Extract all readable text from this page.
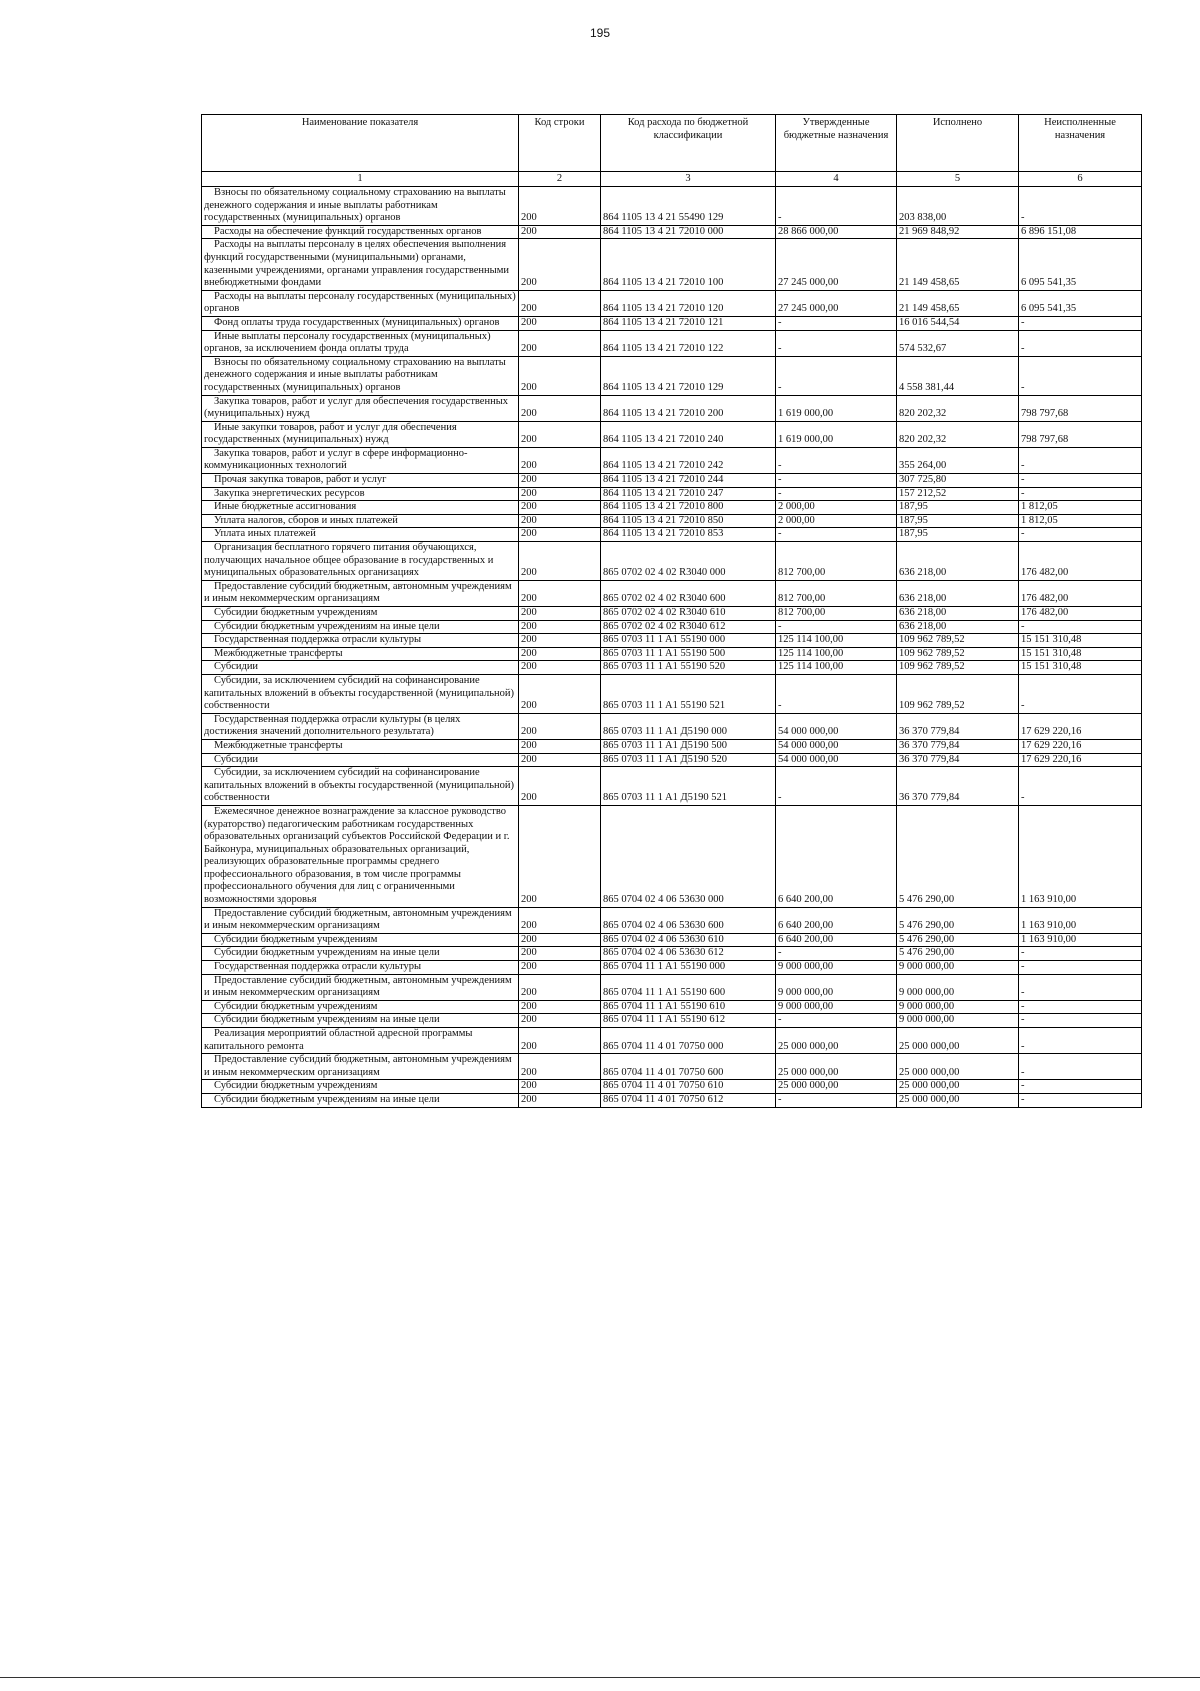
195
Наименование показателя	Код строки	Код расхода по бюджетной классификации	Утвержденные бюджетные назначения	Исполнено	Неисполненные назначения
1	2	3	4	5	6
Взносы по обязательному социальному страхованию на выплаты денежного содержания и иные выплаты работникам государственных (муниципальных) органов	200	864 1105 13 4 21 55490 129	-	203 838,00	-
Расходы на обеспечение функций государственных органов	200	864 1105 13 4 21 72010 000	28 866 000,00	21 969 848,92	6 896 151,08
Расходы на выплаты персоналу в целях обеспечения выполнения функций государственными (муниципальными) органами, казенными учреждениями, органами управления государственными внебюджетными фондами	200	864 1105 13 4 21 72010 100	27 245 000,00	21 149 458,65	6 095 541,35
Расходы на выплаты персоналу государственных (муниципальных) органов	200	864 1105 13 4 21 72010 120	27 245 000,00	21 149 458,65	6 095 541,35
Фонд оплаты труда государственных (муниципальных) органов	200	864 1105 13 4 21 72010 121	-	16 016 544,54	-
Иные выплаты персоналу государственных (муниципальных) органов, за исключением фонда оплаты труда	200	864 1105 13 4 21 72010 122	-	574 532,67	-
Взносы по обязательному социальному страхованию на выплаты денежного содержания и иные выплаты работникам государственных (муниципальных) органов	200	864 1105 13 4 21 72010 129	-	4 558 381,44	-
Закупка товаров, работ и услуг для обеспечения государственных (муниципальных) нужд	200	864 1105 13 4 21 72010 200	1 619 000,00	820 202,32	798 797,68
Иные закупки товаров, работ и услуг для обеспечения государственных (муниципальных) нужд	200	864 1105 13 4 21 72010 240	1 619 000,00	820 202,32	798 797,68
Закупка товаров, работ и услуг в сфере информационно-коммуникационных технологий	200	864 1105 13 4 21 72010 242	-	355 264,00	-
Прочая закупка товаров, работ и услуг	200	864 1105 13 4 21 72010 244	-	307 725,80	-
Закупка энергетических ресурсов	200	864 1105 13 4 21 72010 247	-	157 212,52	-
Иные бюджетные ассигнования	200	864 1105 13 4 21 72010 800	2 000,00	187,95	1 812,05
Уплата налогов, сборов и иных платежей	200	864 1105 13 4 21 72010 850	2 000,00	187,95	1 812,05
Уплата иных платежей	200	864 1105 13 4 21 72010 853	-	187,95	-
Организация бесплатного горячего питания обучающихся, получающих начальное общее образование в государственных и муниципальных образовательных организациях	200	865 0702 02 4 02 R3040 000	812 700,00	636 218,00	176 482,00
Предоставление субсидий бюджетным, автономным учреждениям и иным некоммерческим организациям	200	865 0702 02 4 02 R3040 600	812 700,00	636 218,00	176 482,00
Субсидии бюджетным учреждениям	200	865 0702 02 4 02 R3040 610	812 700,00	636 218,00	176 482,00
Субсидии бюджетным учреждениям на иные цели	200	865 0702 02 4 02 R3040 612	-	636 218,00	-
Государственная поддержка отрасли культуры	200	865 0703 11 1 A1 55190 000	125 114 100,00	109 962 789,52	15 151 310,48
Межбюджетные трансферты	200	865 0703 11 1 A1 55190 500	125 114 100,00	109 962 789,52	15 151 310,48
Субсидии	200	865 0703 11 1 A1 55190 520	125 114 100,00	109 962 789,52	15 151 310,48
Субсидии, за исключением субсидий на софинансирование капитальных вложений в объекты государственной (муниципальной) собственности	200	865 0703 11 1 A1 55190 521	-	109 962 789,52	-
Государственная поддержка отрасли культуры (в целях достижения значений дополнительного результата)	200	865 0703 11 1 A1 Д5190 000	54 000 000,00	36 370 779,84	17 629 220,16
Межбюджетные трансферты	200	865 0703 11 1 A1 Д5190 500	54 000 000,00	36 370 779,84	17 629 220,16
Субсидии	200	865 0703 11 1 A1 Д5190 520	54 000 000,00	36 370 779,84	17 629 220,16
Субсидии, за исключением субсидий на софинансирование капитальных вложений в объекты государственной (муниципальной) собственности	200	865 0703 11 1 A1 Д5190 521	-	36 370 779,84	-
Ежемесячное денежное вознаграждение за классное руководство (кураторство) педагогическим работникам государственных образовательных организаций субъектов Российской Федерации и г. Байконура, муниципальных образовательных организаций, реализующих образовательные программы среднего профессионального образования, в том числе программы профессионального обучения для лиц с ограниченными возможностями здоровья	200	865 0704 02 4 06 53630 000	6 640 200,00	5 476 290,00	1 163 910,00
Предоставление субсидий бюджетным, автономным учреждениям и иным некоммерческим организациям	200	865 0704 02 4 06 53630 600	6 640 200,00	5 476 290,00	1 163 910,00
Субсидии бюджетным учреждениям	200	865 0704 02 4 06 53630 610	6 640 200,00	5 476 290,00	1 163 910,00
Субсидии бюджетным учреждениям на иные цели	200	865 0704 02 4 06 53630 612	-	5 476 290,00	-
Государственная поддержка отрасли культуры	200	865 0704 11 1 A1 55190 000	9 000 000,00	9 000 000,00	-
Предоставление субсидий бюджетным, автономным учреждениям и иным некоммерческим организациям	200	865 0704 11 1 A1 55190 600	9 000 000,00	9 000 000,00	-
Субсидии бюджетным учреждениям	200	865 0704 11 1 A1 55190 610	9 000 000,00	9 000 000,00	-
Субсидии бюджетным учреждениям на иные цели	200	865 0704 11 1 A1 55190 612	-	9 000 000,00	-
Реализация мероприятий областной адресной программы капитального ремонта	200	865 0704 11 4 01 70750 000	25 000 000,00	25 000 000,00	-
Предоставление субсидий бюджетным, автономным учреждениям и иным некоммерческим организациям	200	865 0704 11 4 01 70750 600	25 000 000,00	25 000 000,00	-
Субсидии бюджетным учреждениям	200	865 0704 11 4 01 70750 610	25 000 000,00	25 000 000,00	-
Субсидии бюджетным учреждениям на иные цели	200	865 0704 11 4 01 70750 612	-	25 000 000,00	-
